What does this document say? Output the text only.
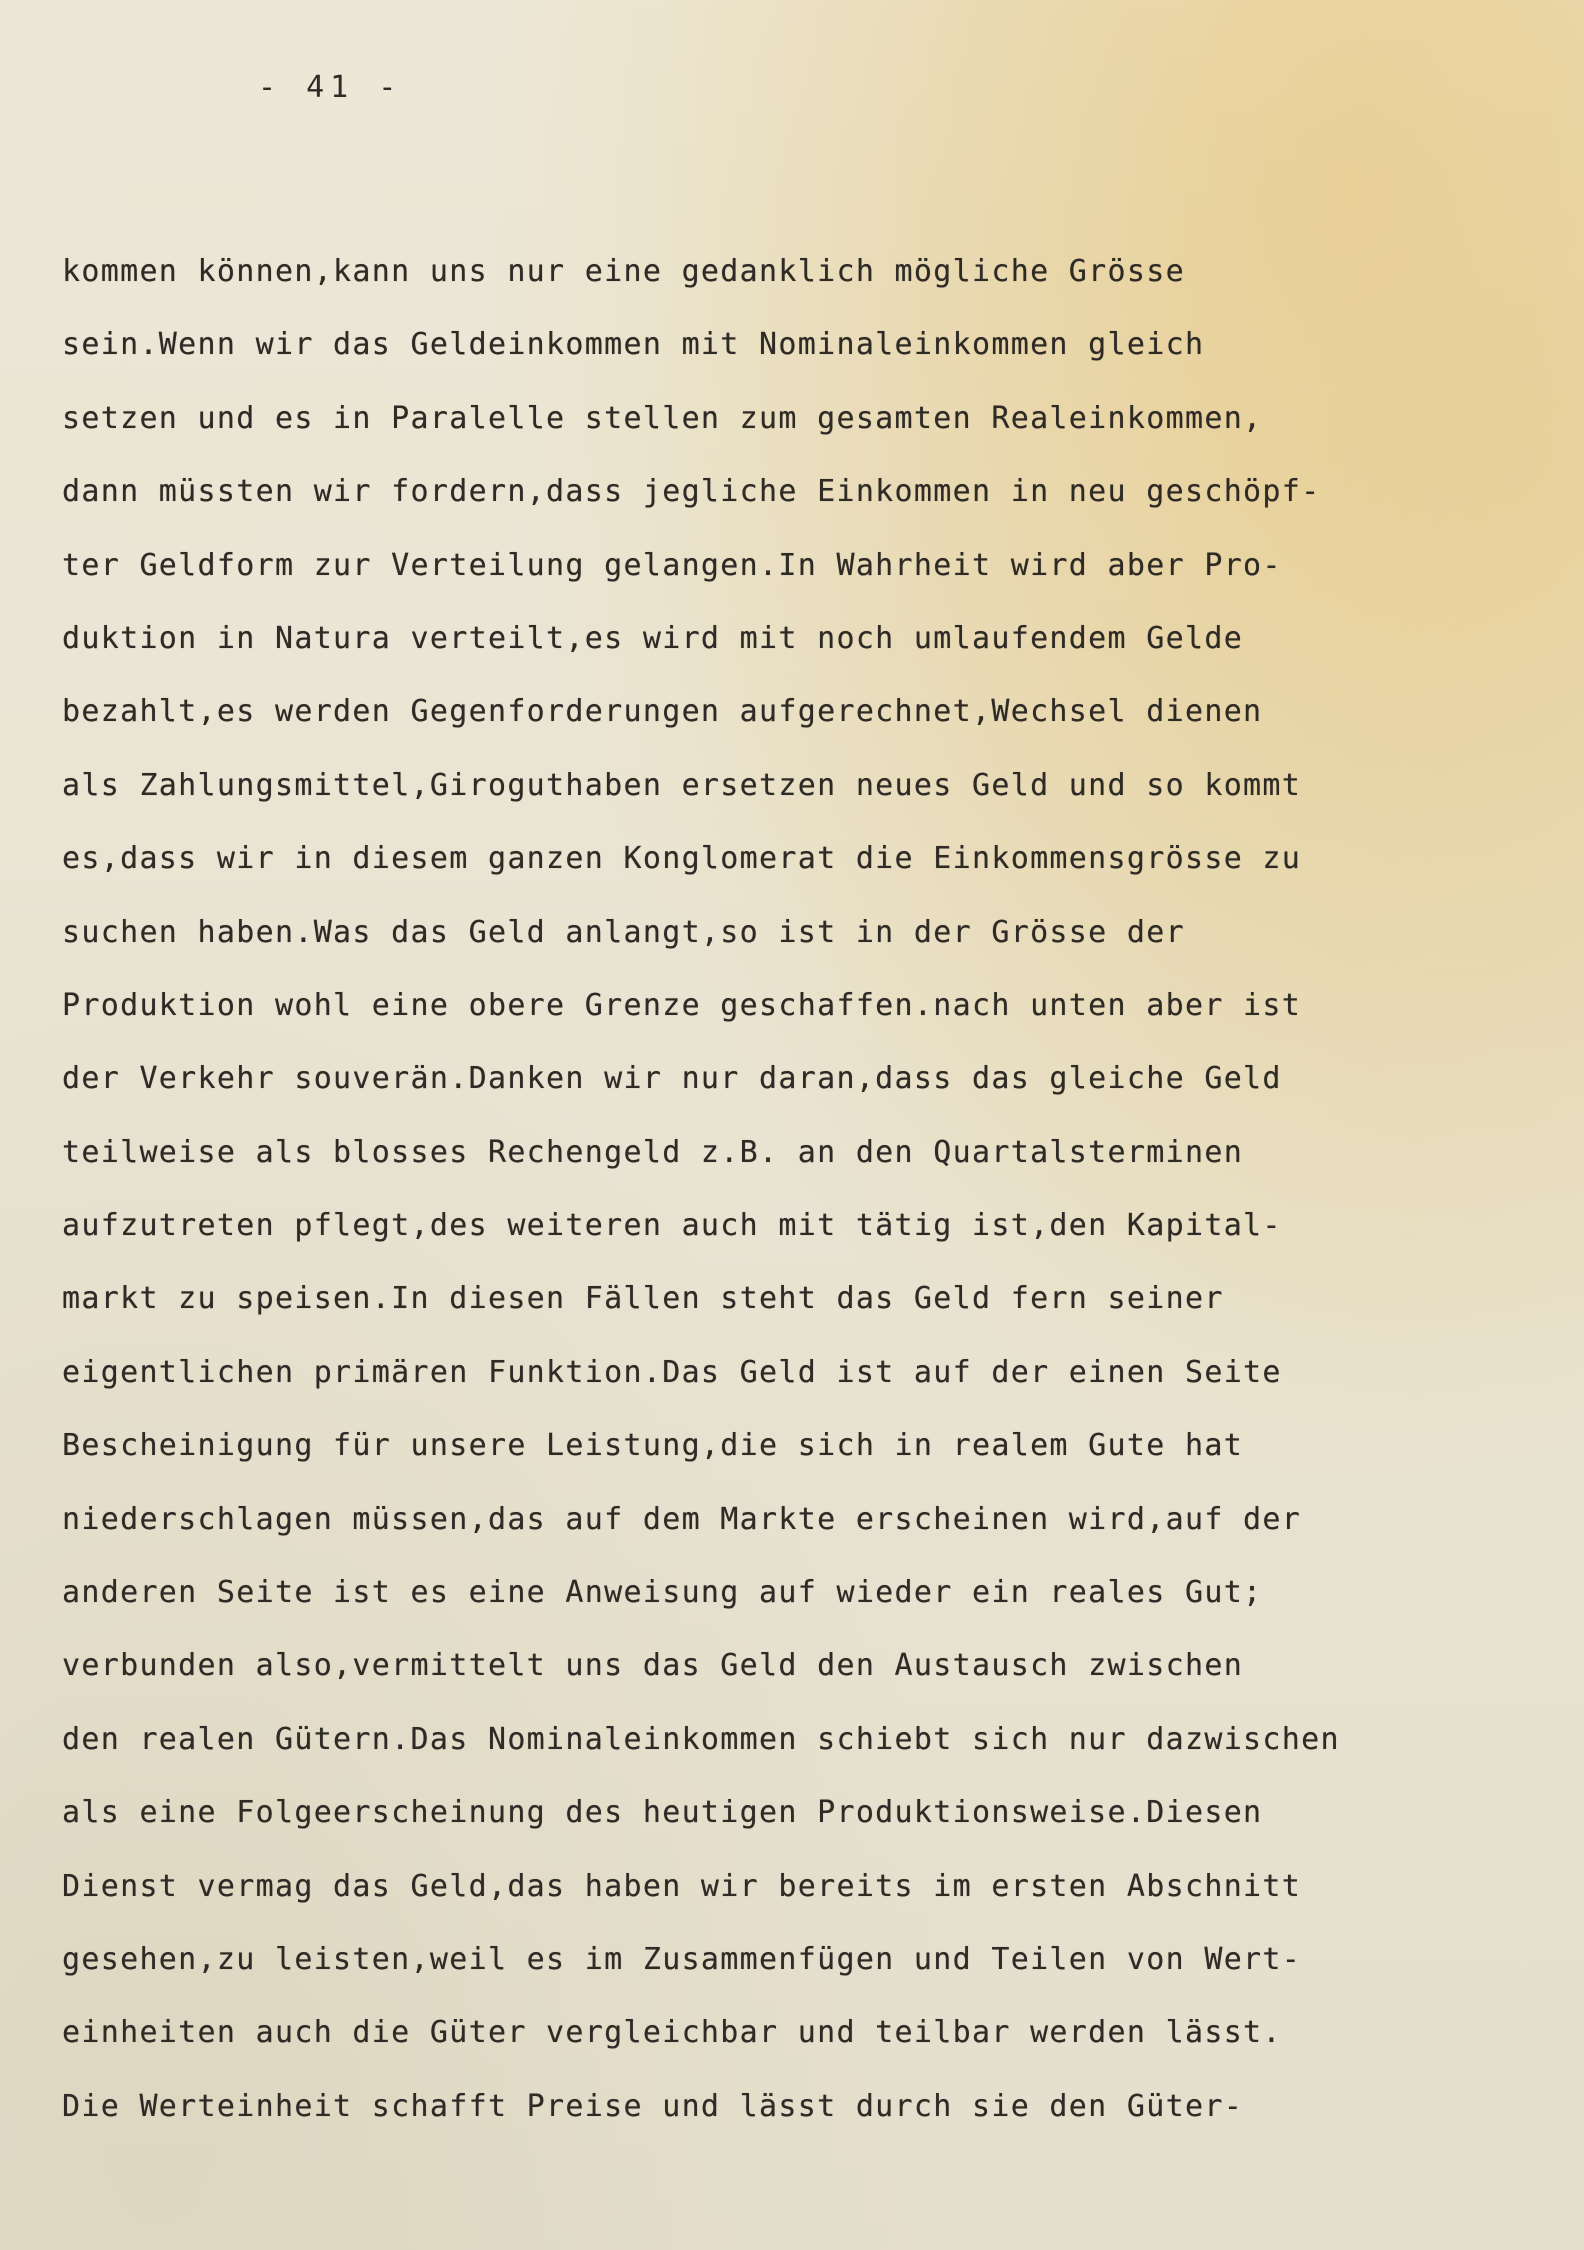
- 41 -
kommen können,kann uns nur eine gedanklich mögliche Grösse
sein.Wenn wir das Geldeinkommen mit Nominaleinkommen gleich
setzen und es in Paralelle stellen zum gesamten Realeinkommen,
dann müssten wir fordern,dass jegliche Einkommen in neu geschöpf-
ter Geldform zur Verteilung gelangen.In Wahrheit wird aber Pro-
duktion in Natura verteilt,es wird mit noch umlaufendem Gelde
bezahlt,es werden Gegenforderungen aufgerechnet,Wechsel dienen
als Zahlungsmittel,Giroguthaben ersetzen neues Geld und so kommt
es,dass wir in diesem ganzen Konglomerat die Einkommensgrösse zu
suchen haben.Was das Geld anlangt,so ist in der Grösse der
Produktion wohl eine obere Grenze geschaffen.nach unten aber ist
der Verkehr souverän.Danken wir nur daran,dass das gleiche Geld
teilweise als blosses Rechengeld z.B. an den Quartalsterminen
aufzutreten pflegt,des weiteren auch mit tätig ist,den Kapital-
markt zu speisen.In diesen Fällen steht das Geld fern seiner
eigentlichen primären Funktion.Das Geld ist auf der einen Seite
Bescheinigung für unsere Leistung,die sich in realem Gute hat
niederschlagen müssen,das auf dem Markte erscheinen wird,auf der
anderen Seite ist es eine Anweisung auf wieder ein reales Gut;
verbunden also,vermittelt uns das Geld den Austausch zwischen
den realen Gütern.Das Nominaleinkommen schiebt sich nur dazwischen
als eine Folgeerscheinung des heutigen Produktionsweise.Diesen
Dienst vermag das Geld,das haben wir bereits im ersten Abschnitt
gesehen,zu leisten,weil es im Zusammenfügen und Teilen von Wert-
einheiten auch die Güter vergleichbar und teilbar werden lässt.
Die Werteinheit schafft Preise und lässt durch sie den Güter-
